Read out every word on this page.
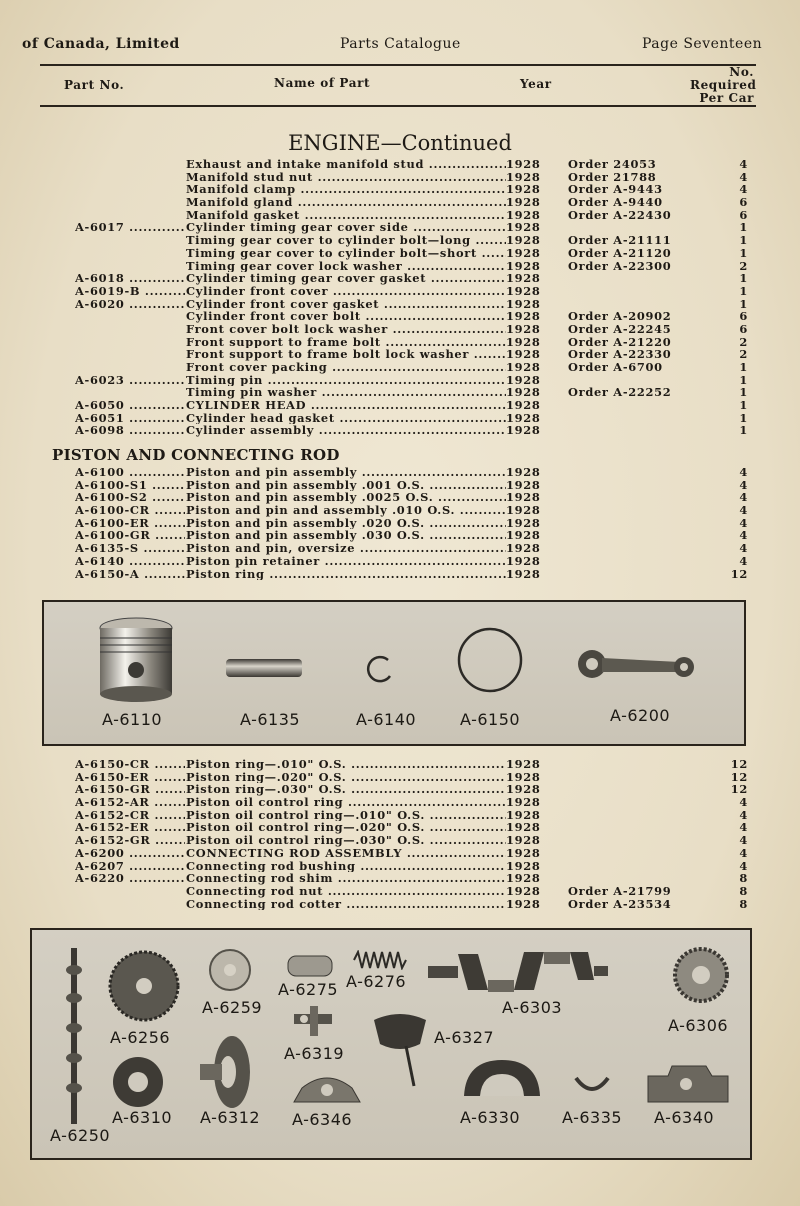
of Canada, Limited	Parts Catalogue	Page Seventeen
Part No.	Name of Part	Year
No.
Required
Per Car
ENGINE—Continued
Exhaust and intake manifold stud .....	1928	Order 24053	4
Manifold stud nut .....	1928	Order 21788	4
Manifold clamp .....	1928	Order A-9443	4
Manifold gland .....	1928	Order A-9440	6
Manifold gasket .....	1928	Order A-22430	6
A-6017 .....	Cylinder timing gear cover side .....	1928	1
Timing gear cover to cylinder bolt—long .....	1928	Order A-21111	1
Timing gear cover to cylinder bolt—short .....	1928	Order A-21120	1
Timing gear cover lock washer .....	1928	Order A-22300	2
A-6018 .....	Cylinder timing gear cover gasket .....	1928	1
A-6019-B .....	Cylinder front cover .....	1928	1
A-6020 .....	Cylinder front cover gasket .....	1928	1
Cylinder front cover bolt .....	1928	Order A-20902	6
Front cover bolt lock washer .....	1928	Order A-22245	6
Front support to frame bolt .....	1928	Order A-21220	2
Front support to frame bolt lock washer .....	1928	Order A-22330	2
Front cover packing .....	1928	Order A-6700	1
A-6023 .....	Timing pin .....	1928	1
Timing pin washer .....	1928	Order A-22252	1
A-6050 .....	CYLINDER HEAD .....	1928	1
A-6051 .....	Cylinder head gasket .....	1928	1
A-6098 .....	Cylinder assembly .....	1928	1
PISTON AND CONNECTING ROD
A-6100 .....	Piston and pin assembly .....	1928	4
A-6100-S1 .....	Piston and pin assembly .001 O.S. .....	1928	4
A-6100-S2 .....	Piston and pin assembly .0025 O.S. .....	1928	4
A-6100-CR .....	Piston and pin and assembly .010 O.S. .....	1928	4
A-6100-ER .....	Piston and pin assembly .020 O.S. .....	1928	4
A-6100-GR .....	Piston and pin assembly .030 O.S. .....	1928	4
A-6135-S .....	Piston and pin, oversize .....	1928	4
A-6140 .....	Piston pin retainer .....	1928	4
A-6150-A .....	Piston ring .....	1928	12
A-6110	A-6135	A-6140	A-6150	A-6200
A-6150-CR .....	Piston ring—.010" O.S. .....	1928	12
A-6150-ER .....	Piston ring—.020" O.S. .....	1928	12
A-6150-GR .....	Piston ring—.030" O.S. .....	1928	12
A-6152-AR .....	Piston oil control ring .....	1928	4
A-6152-CR .....	Piston oil control ring—.010" O.S. .....	1928	4
A-6152-ER .....	Piston oil control ring—.020" O.S. .....	1928	4
A-6152-GR .....	Piston oil control ring—.030" O.S. .....	1928	4
A-6200 .....	CONNECTING ROD ASSEMBLY .....	1928	4
A-6207 .....	Connecting rod bushing .....	1928	4
A-6220 .....	Connecting rod shim .....	1928	8
Connecting rod nut .....	1928	Order A-21799	8
Connecting rod cotter .....	1928	Order A-23534	8
A-6256
A-6259
A-6275 A-6276
A-6303
A-6306
A-6319
A-6327
A-6250
A-6310 A-6312 A-6346	A-6330	A-6335 A-6340
